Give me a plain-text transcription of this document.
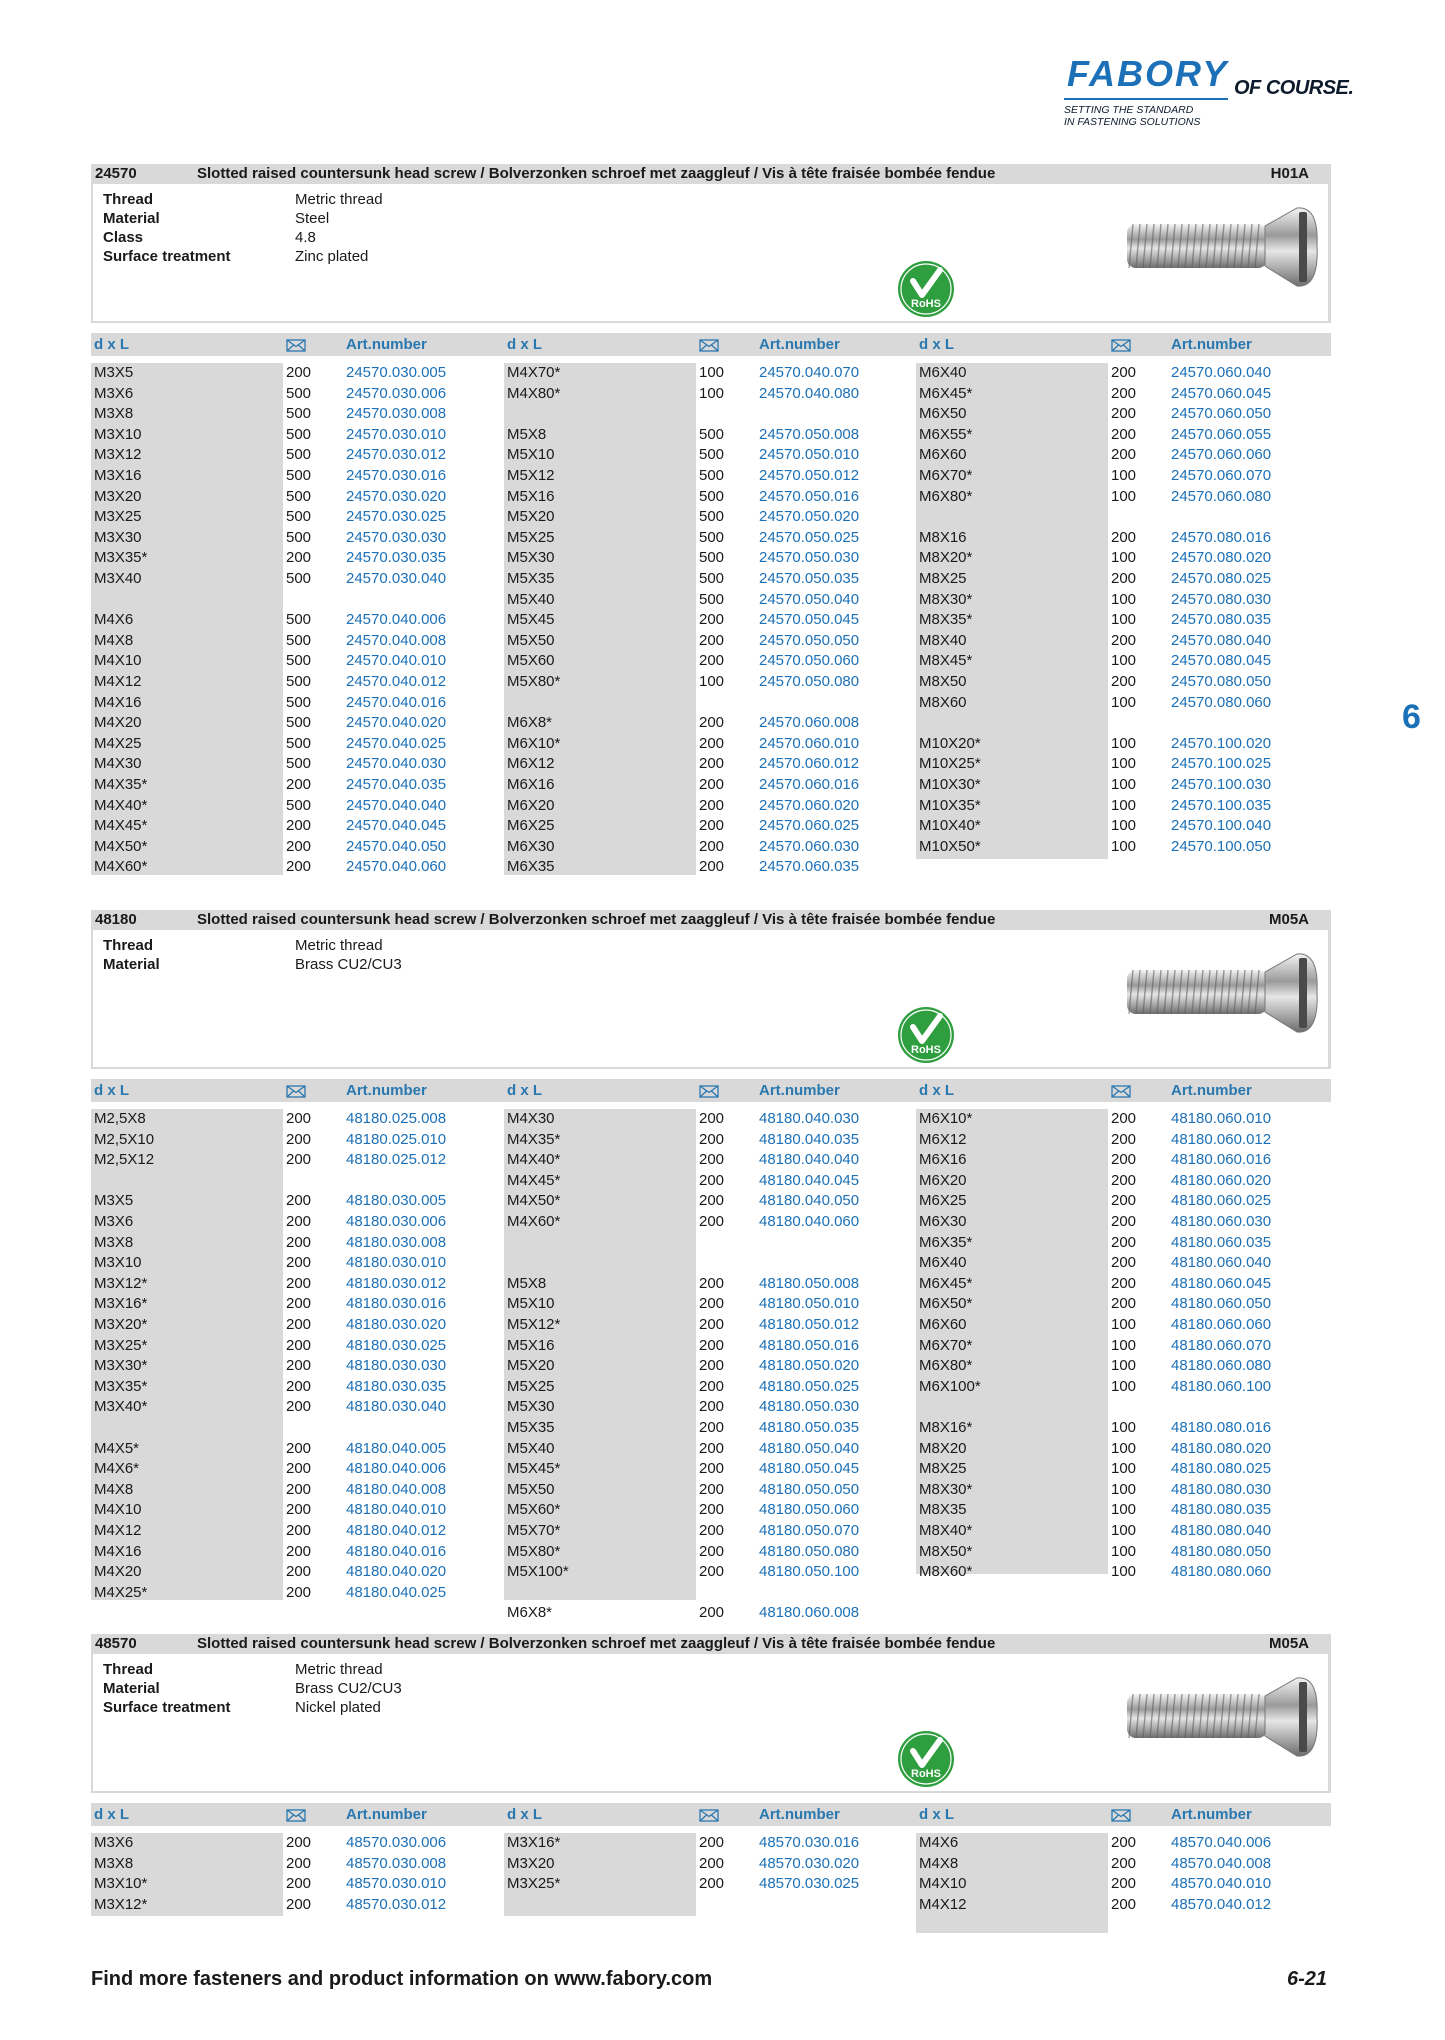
FABORY OF COURSE.
SETTING THE STANDARD
IN FASTENING SOLUTIONS
24570	Slotted raised countersunk head screw / Bolverzonken schroef met zaaggleuf / Vis à tête fraisée bombée fendue	H01A
Thread	Metric thread
Material	Steel
Class	4.8
Surface treatment	Zinc plated
RoHS
d x L	Art.number	d x L	Art.number	d x L	Art.number
M3X5	200 24570.030.005
M3X6	500 24570.030.006
M3X8	500 24570.030.008
M3X10	500 24570.030.010
M3X12	500 24570.030.012
M3X16	500 24570.030.016
M3X20	500 24570.030.020
M3X25	500 24570.030.025
M3X30	500 24570.030.030
M3X35*	200 24570.030.035
M3X40	500 24570.030.040
M4X6	500 24570.040.006
M4X8	500 24570.040.008
M4X10	500 24570.040.010
M4X12	500 24570.040.012
M4X16	500 24570.040.016
M4X20	500 24570.040.020
M4X25	500 24570.040.025
M4X30	500 24570.040.030
M4X35*	200 24570.040.035
M4X40*	500 24570.040.040
M4X45*	200 24570.040.045
M4X50*	200 24570.040.050
M4X60*	200 24570.040.060
M4X70*	100 24570.040.070
M4X80*	100 24570.040.080
M5X8	500 24570.050.008
M5X10	500 24570.050.010
M5X12	500 24570.050.012
M5X16	500 24570.050.016
M5X20	500 24570.050.020
M5X25	500 24570.050.025
M5X30	500 24570.050.030
M5X35	500 24570.050.035
M5X40	500 24570.050.040
M5X45	200 24570.050.045
M5X50	200 24570.050.050
M5X60	200 24570.050.060
M5X80*	100 24570.050.080
M6X8*	200 24570.060.008
M6X10*	200 24570.060.010
M6X12	200 24570.060.012
M6X16	200 24570.060.016
M6X20	200 24570.060.020
M6X25	200 24570.060.025
M6X30	200 24570.060.030
M6X35	200 24570.060.035
M6X40	200 24570.060.040
M6X45*	200 24570.060.045
M6X50	200 24570.060.050
M6X55*	200 24570.060.055
M6X60	200 24570.060.060
M6X70*	100 24570.060.070
M6X80*	100 24570.060.080
M8X16	200 24570.080.016
M8X20*	100 24570.080.020
M8X25	200 24570.080.025
M8X30*	100 24570.080.030
M8X35*	100 24570.080.035
M8X40	200 24570.080.040
M8X45*	100 24570.080.045
M8X50	200 24570.080.050
M8X60	100 24570.080.060
M10X20*	100 24570.100.020
M10X25*	100 24570.100.025
M10X30*	100 24570.100.030
M10X35*	100 24570.100.035
M10X40*	100 24570.100.040
M10X50*	100 24570.100.050
48180	Slotted raised countersunk head screw / Bolverzonken schroef met zaaggleuf / Vis à tête fraisée bombée fendue	M05A
Thread	Metric thread
Material	Brass CU2/CU3
RoHS
d x L	Art.number	d x L	Art.number	d x L	Art.number
M2,5X8	200 48180.025.008
M2,5X10	200 48180.025.010
M2,5X12	200 48180.025.012
M3X5	200 48180.030.005
M3X6	200 48180.030.006
M3X8	200 48180.030.008
M3X10	200 48180.030.010
M3X12*	200 48180.030.012
M3X16*	200 48180.030.016
M3X20*	200 48180.030.020
M3X25*	200 48180.030.025
M3X30*	200 48180.030.030
M3X35*	200 48180.030.035
M3X40*	200 48180.030.040
M4X5*	200 48180.040.005
M4X6*	200 48180.040.006
M4X8	200 48180.040.008
M4X10	200 48180.040.010
M4X12	200 48180.040.012
M4X16	200 48180.040.016
M4X20	200 48180.040.020
M4X25*	200 48180.040.025
M4X30	200 48180.040.030
M4X35*	200 48180.040.035
M4X40*	200 48180.040.040
M4X45*	200 48180.040.045
M4X50*	200 48180.040.050
M4X60*	200 48180.040.060
M5X8	200 48180.050.008
M5X10	200 48180.050.010
M5X12*	200 48180.050.012
M5X16	200 48180.050.016
M5X20	200 48180.050.020
M5X25	200 48180.050.025
M5X30	200 48180.050.030
M5X35	200 48180.050.035
M5X40	200 48180.050.040
M5X45*	200 48180.050.045
M5X50	200 48180.050.050
M5X60*	200 48180.050.060
M5X70*	200 48180.050.070
M5X80*	200 48180.050.080
M5X100*	200 48180.050.100
M6X8*	200 48180.060.008
M6X10*	200 48180.060.010
M6X12	200 48180.060.012
M6X16	200 48180.060.016
M6X20	200 48180.060.020
M6X25	200 48180.060.025
M6X30	200 48180.060.030
M6X35*	200 48180.060.035
M6X40	200 48180.060.040
M6X45*	200 48180.060.045
M6X50*	200 48180.060.050
M6X60	100 48180.060.060
M6X70*	100 48180.060.070
M6X80*	100 48180.060.080
M6X100*	100 48180.060.100
M8X16*	100 48180.080.016
M8X20	100 48180.080.020
M8X25	100 48180.080.025
M8X30*	100 48180.080.030
M8X35	100 48180.080.035
M8X40*	100 48180.080.040
M8X50*	100 48180.080.050
M8X60*	100 48180.080.060
48570	Slotted raised countersunk head screw / Bolverzonken schroef met zaaggleuf / Vis à tête fraisée bombée fendue	M05A
Thread	Metric thread
Material	Brass CU2/CU3
Surface treatment	Nickel plated
RoHS
d x L	Art.number	d x L	Art.number	d x L	Art.number
M3X6	200 48570.030.006
M3X8	200 48570.030.008
M3X10*	200 48570.030.010
M3X12*	200 48570.030.012
M3X16*	200 48570.030.016
M3X20	200 48570.030.020
M3X25*	200 48570.030.025
M4X6	200 48570.040.006
M4X8	200 48570.040.008
M4X10	200 48570.040.010
M4X12	200 48570.040.012
6
Find more fasteners and product information on www.fabory.com	6-21
